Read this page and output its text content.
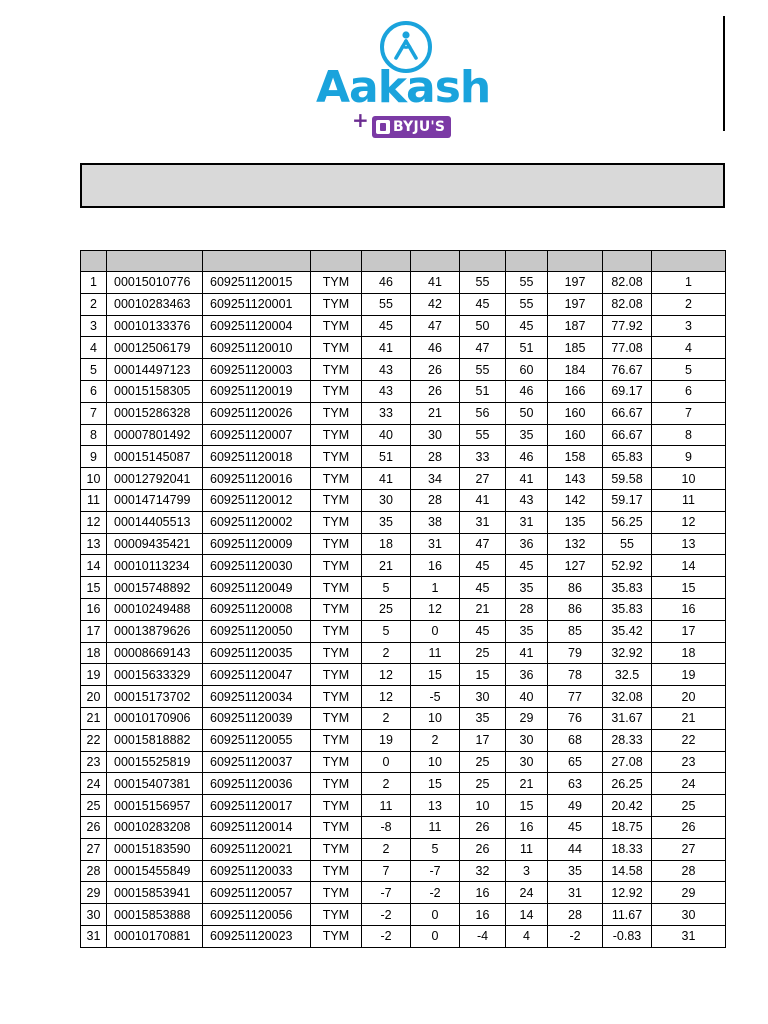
Aakash
+ BYJU'S

1	00015010776	609251120015	TYM	46	41	55	55	197	82.08	1
2	00010283463	609251120001	TYM	55	42	45	55	197	82.08	2
3	00010133376	609251120004	TYM	45	47	50	45	187	77.92	3
4	00012506179	609251120010	TYM	41	46	47	51	185	77.08	4
5	00014497123	609251120003	TYM	43	26	55	60	184	76.67	5
6	00015158305	609251120019	TYM	43	26	51	46	166	69.17	6
7	00015286328	609251120026	TYM	33	21	56	50	160	66.67	7
8	00007801492	609251120007	TYM	40	30	55	35	160	66.67	8
9	00015145087	609251120018	TYM	51	28	33	46	158	65.83	9
10	00012792041	609251120016	TYM	41	34	27	41	143	59.58	10
11	00014714799	609251120012	TYM	30	28	41	43	142	59.17	11
12	00014405513	609251120002	TYM	35	38	31	31	135	56.25	12
13	00009435421	609251120009	TYM	18	31	47	36	132	55	13
14	00010113234	609251120030	TYM	21	16	45	45	127	52.92	14
15	00015748892	609251120049	TYM	5	1	45	35	86	35.83	15
16	00010249488	609251120008	TYM	25	12	21	28	86	35.83	16
17	00013879626	609251120050	TYM	5	0	45	35	85	35.42	17
18	00008669143	609251120035	TYM	2	11	25	41	79	32.92	18
19	00015633329	609251120047	TYM	12	15	15	36	78	32.5	19
20	00015173702	609251120034	TYM	12	-5	30	40	77	32.08	20
21	00010170906	609251120039	TYM	2	10	35	29	76	31.67	21
22	00015818882	609251120055	TYM	19	2	17	30	68	28.33	22
23	00015525819	609251120037	TYM	0	10	25	30	65	27.08	23
24	00015407381	609251120036	TYM	2	15	25	21	63	26.25	24
25	00015156957	609251120017	TYM	11	13	10	15	49	20.42	25
26	00010283208	609251120014	TYM	-8	11	26	16	45	18.75	26
27	00015183590	609251120021	TYM	2	5	26	11	44	18.33	27
28	00015455849	609251120033	TYM	7	-7	32	3	35	14.58	28
29	00015853941	609251120057	TYM	-7	-2	16	24	31	12.92	29
30	00015853888	609251120056	TYM	-2	0	16	14	28	11.67	30
31	00010170881	609251120023	TYM	-2	0	-4	4	-2	-0.83	31
